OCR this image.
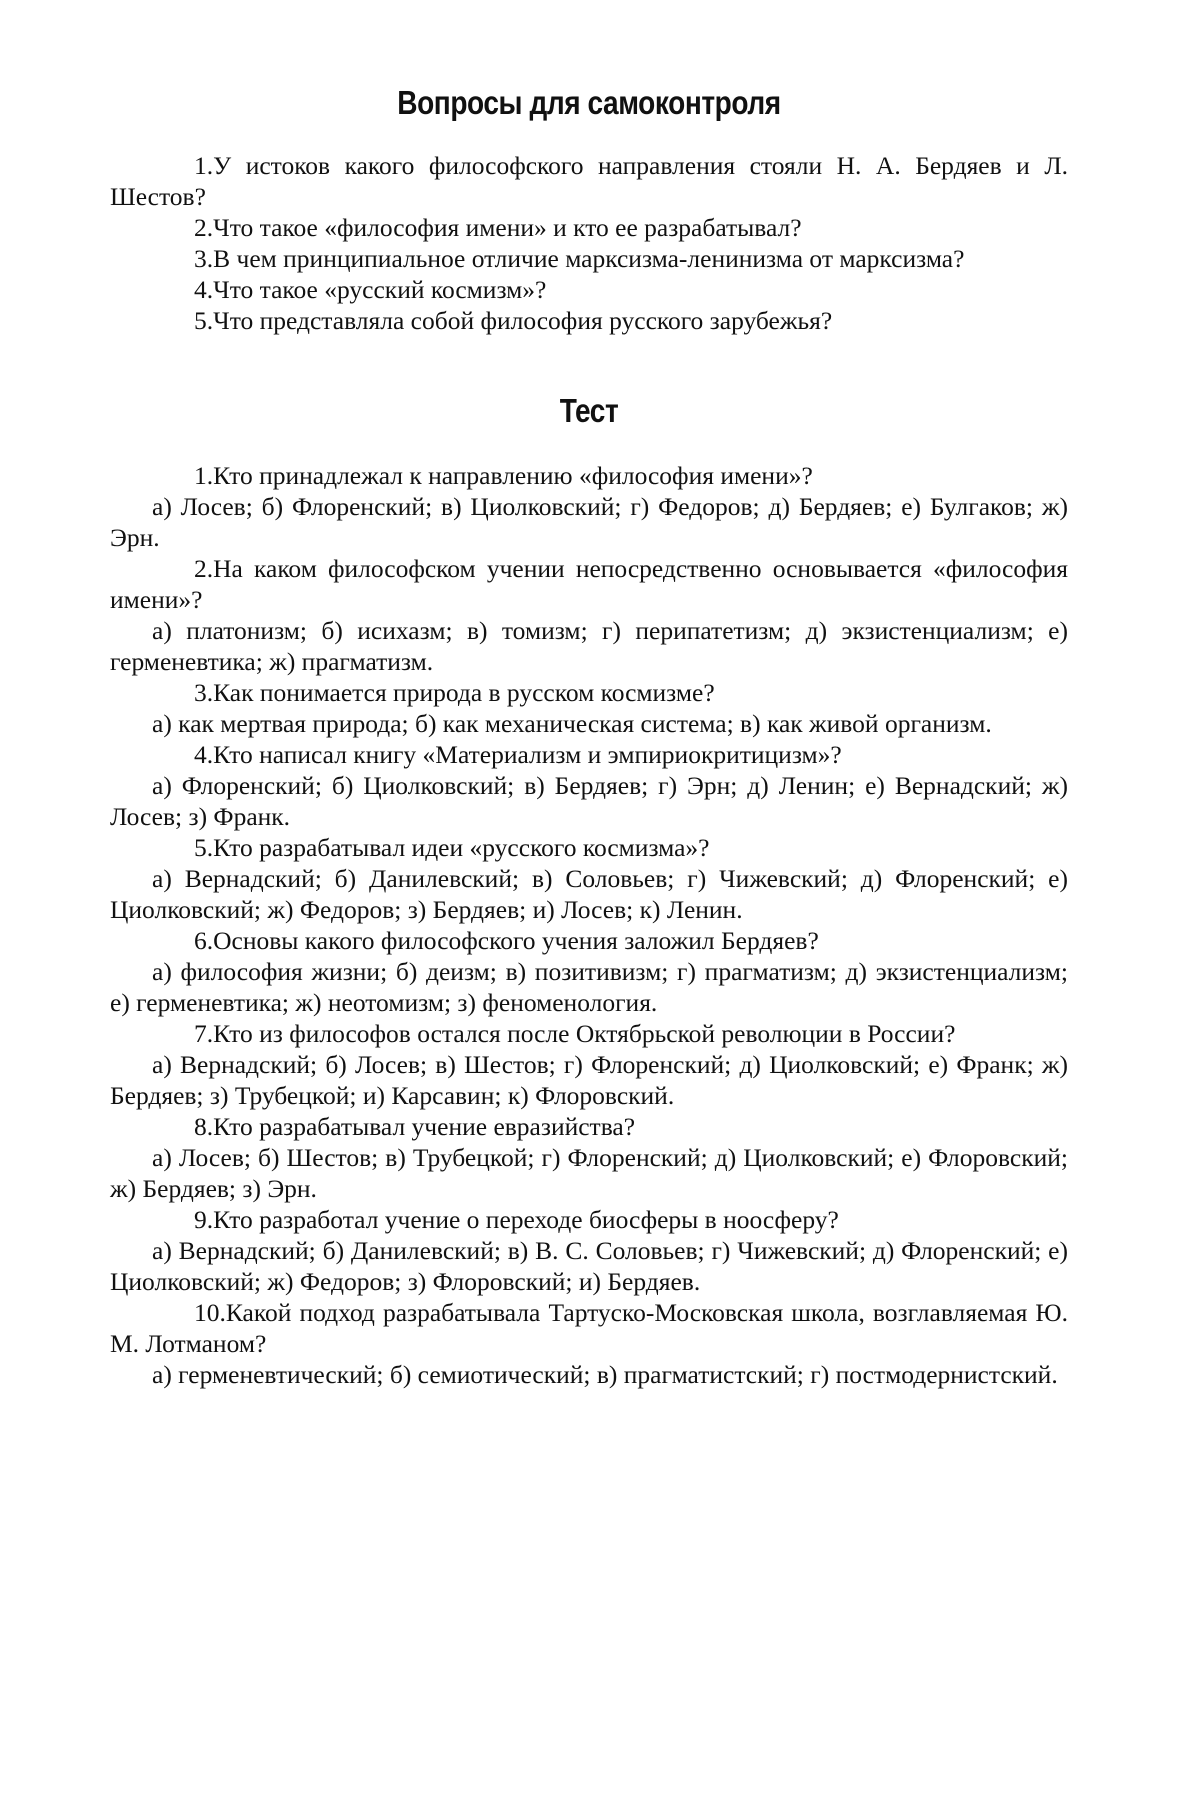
Вопросы для самоконтроля

1.У истоков какого философского направления стояли Н. А. Бердяев и Л. Шестов?

2.Что такое «философия имени» и кто ее разрабатывал?

3.В чем принципиальное отличие марксизма-ленинизма от марксизма?

4.Что такое «русский космизм»?

5.Что представляла собой философия русского зарубежья?

Тест

1.Кто принадлежал к направлению «философия имени»?

а) Лосев; б) Флоренский; в) Циолковский; г) Федоров; д) Бердяев; е) Булгаков; ж) Эрн.

2.На каком философском учении непосредственно основывается «философия имени»?

а) платонизм; б) исихазм; в) томизм; г) перипатетизм; д) экзистенциализм; е) герменевтика; ж) прагматизм.

3.Как понимается природа в русском космизме?

а) как мертвая природа; б) как механическая система; в) как живой организм.

4.Кто написал книгу «Материализм и эмпириокритицизм»?

а) Флоренский; б) Циолковский; в) Бердяев; г) Эрн; д) Ленин; е) Вернадский; ж) Лосев; з) Франк.

5.Кто разрабатывал идеи «русского космизма»?

а) Вернадский; б) Данилевский; в) Соловьев; г) Чижевский; д) Флоренский; е) Циолковский; ж) Федоров; з) Бердяев; и) Лосев; к) Ленин.

6.Основы какого философского учения заложил Бердяев?

а) философия жизни; б) деизм; в) позитивизм; г) прагматизм; д) экзистенциализм; е) герменевтика; ж) неотомизм; з) феноменология.

7.Кто из философов остался после Октябрьской революции в России?

а) Вернадский; б) Лосев; в) Шестов; г) Флоренский; д) Циолковский; е) Франк; ж) Бердяев; з) Трубецкой; и) Карсавин; к) Флоровский.

8.Кто разрабатывал учение евразийства?

а) Лосев; б) Шестов; в) Трубецкой; г) Флоренский; д) Циолковский; е) Флоровский; ж) Бердяев; з) Эрн.

9.Кто разработал учение о переходе биосферы в ноосферу?

а) Вернадский; б) Данилевский; в) В. С. Соловьев; г) Чижевский; д) Флоренский; е) Циолковский; ж) Федоров; з) Флоровский; и) Бердяев.

10.Какой подход разрабатывала Тартуско-Московская школа, возглавляемая Ю. М. Лотманом?

а) герменевтический; б) семиотический; в) прагматистский; г) постмодернистский.
